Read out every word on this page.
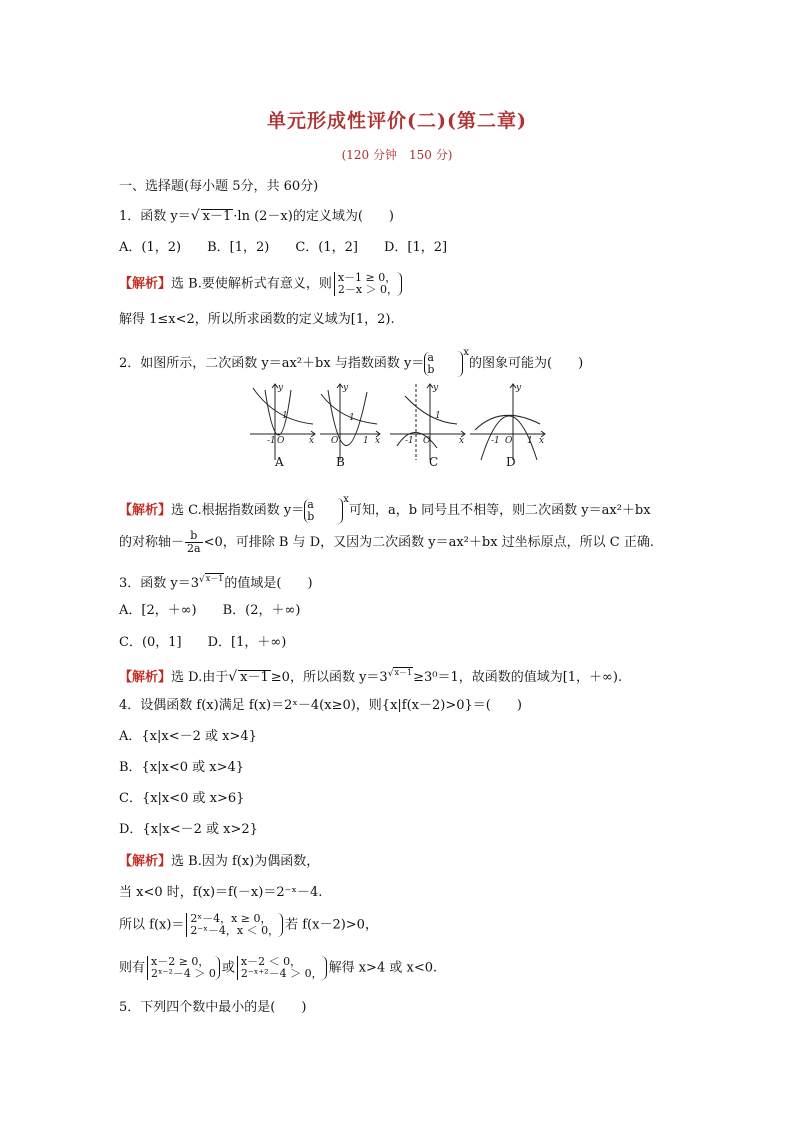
单元形成性评价(二)(第二章)
(120 分钟　150 分)
一、选择题(每小题 5分，共 60分)
1．函数 y＝√ x－1 ·ln (2－x)的定义域为(　　)
A．(1，2)　　B．[1，2)　　C．(1，2]　　D．[1，2]
【解析】选 B.要使解析式有意义，则 x－1 ≥ 0，
2－x ＞ 0，
解得 1≤x<2，所以所求函数的定义域为[1，2).
2．如图所示，二次函数 y＝ax²＋bx 与指数函数 y＝ a
$b^x$的图象可能为(　　)
-1 O	x
y
1
O	1 x
y
1
-1 O	x
y
1
-1 O 1 x
y
A	B	C	D
【解析】选 C.根据指数函数 y＝ a
$b^x$可知，a，b 同号且不相等，则二次函数 y＝ax²＋bx
的对称轴－ $\frac{b}{2a} <0$，可排除 B 与 D，又因为二次函数 y＝ax²＋bx 过坐标原点，所以 C 正确.
3．函数 y＝3√x－1的值域是(　　)
A．[2，＋∞)　　B．(2，＋∞)
C．(0，1]　　D．[1，＋∞)
【解析】选 D.由于√ x－1 ≥0，所以函数 y＝3√x－1≥3⁰＝1，故函数的值域为[1，＋∞).
4．设偶函数 f(x)满足 f(x)＝2ˣ－4(x≥0)，则{x|f(x－2)>0}＝(　　)
A．{x|x<－2 或 x>4}
B．{x|x<0 或 x>4}
C．{x|x<0 或 x>6}
D．{x|x<－2 或 x>2}
【解析】选 B.因为 f(x)为偶函数，
当 x<0 时，f(x)＝f(－x)＝2⁻ˣ－4.
所以 f(x)＝ 2ˣ－4，x ≥ 0，
2⁻ˣ－4，x ＜ 0， 若 f(x－2)>0，
则有 x－2 ≥ 0，
2ˣ⁻²－4 ＞ 0 或 x－2 ＜ 0，
2⁻ˣ⁺²－4 ＞ 0， 解得 x>4 或 x<0.
5．下列四个数中最小的是(　　)
